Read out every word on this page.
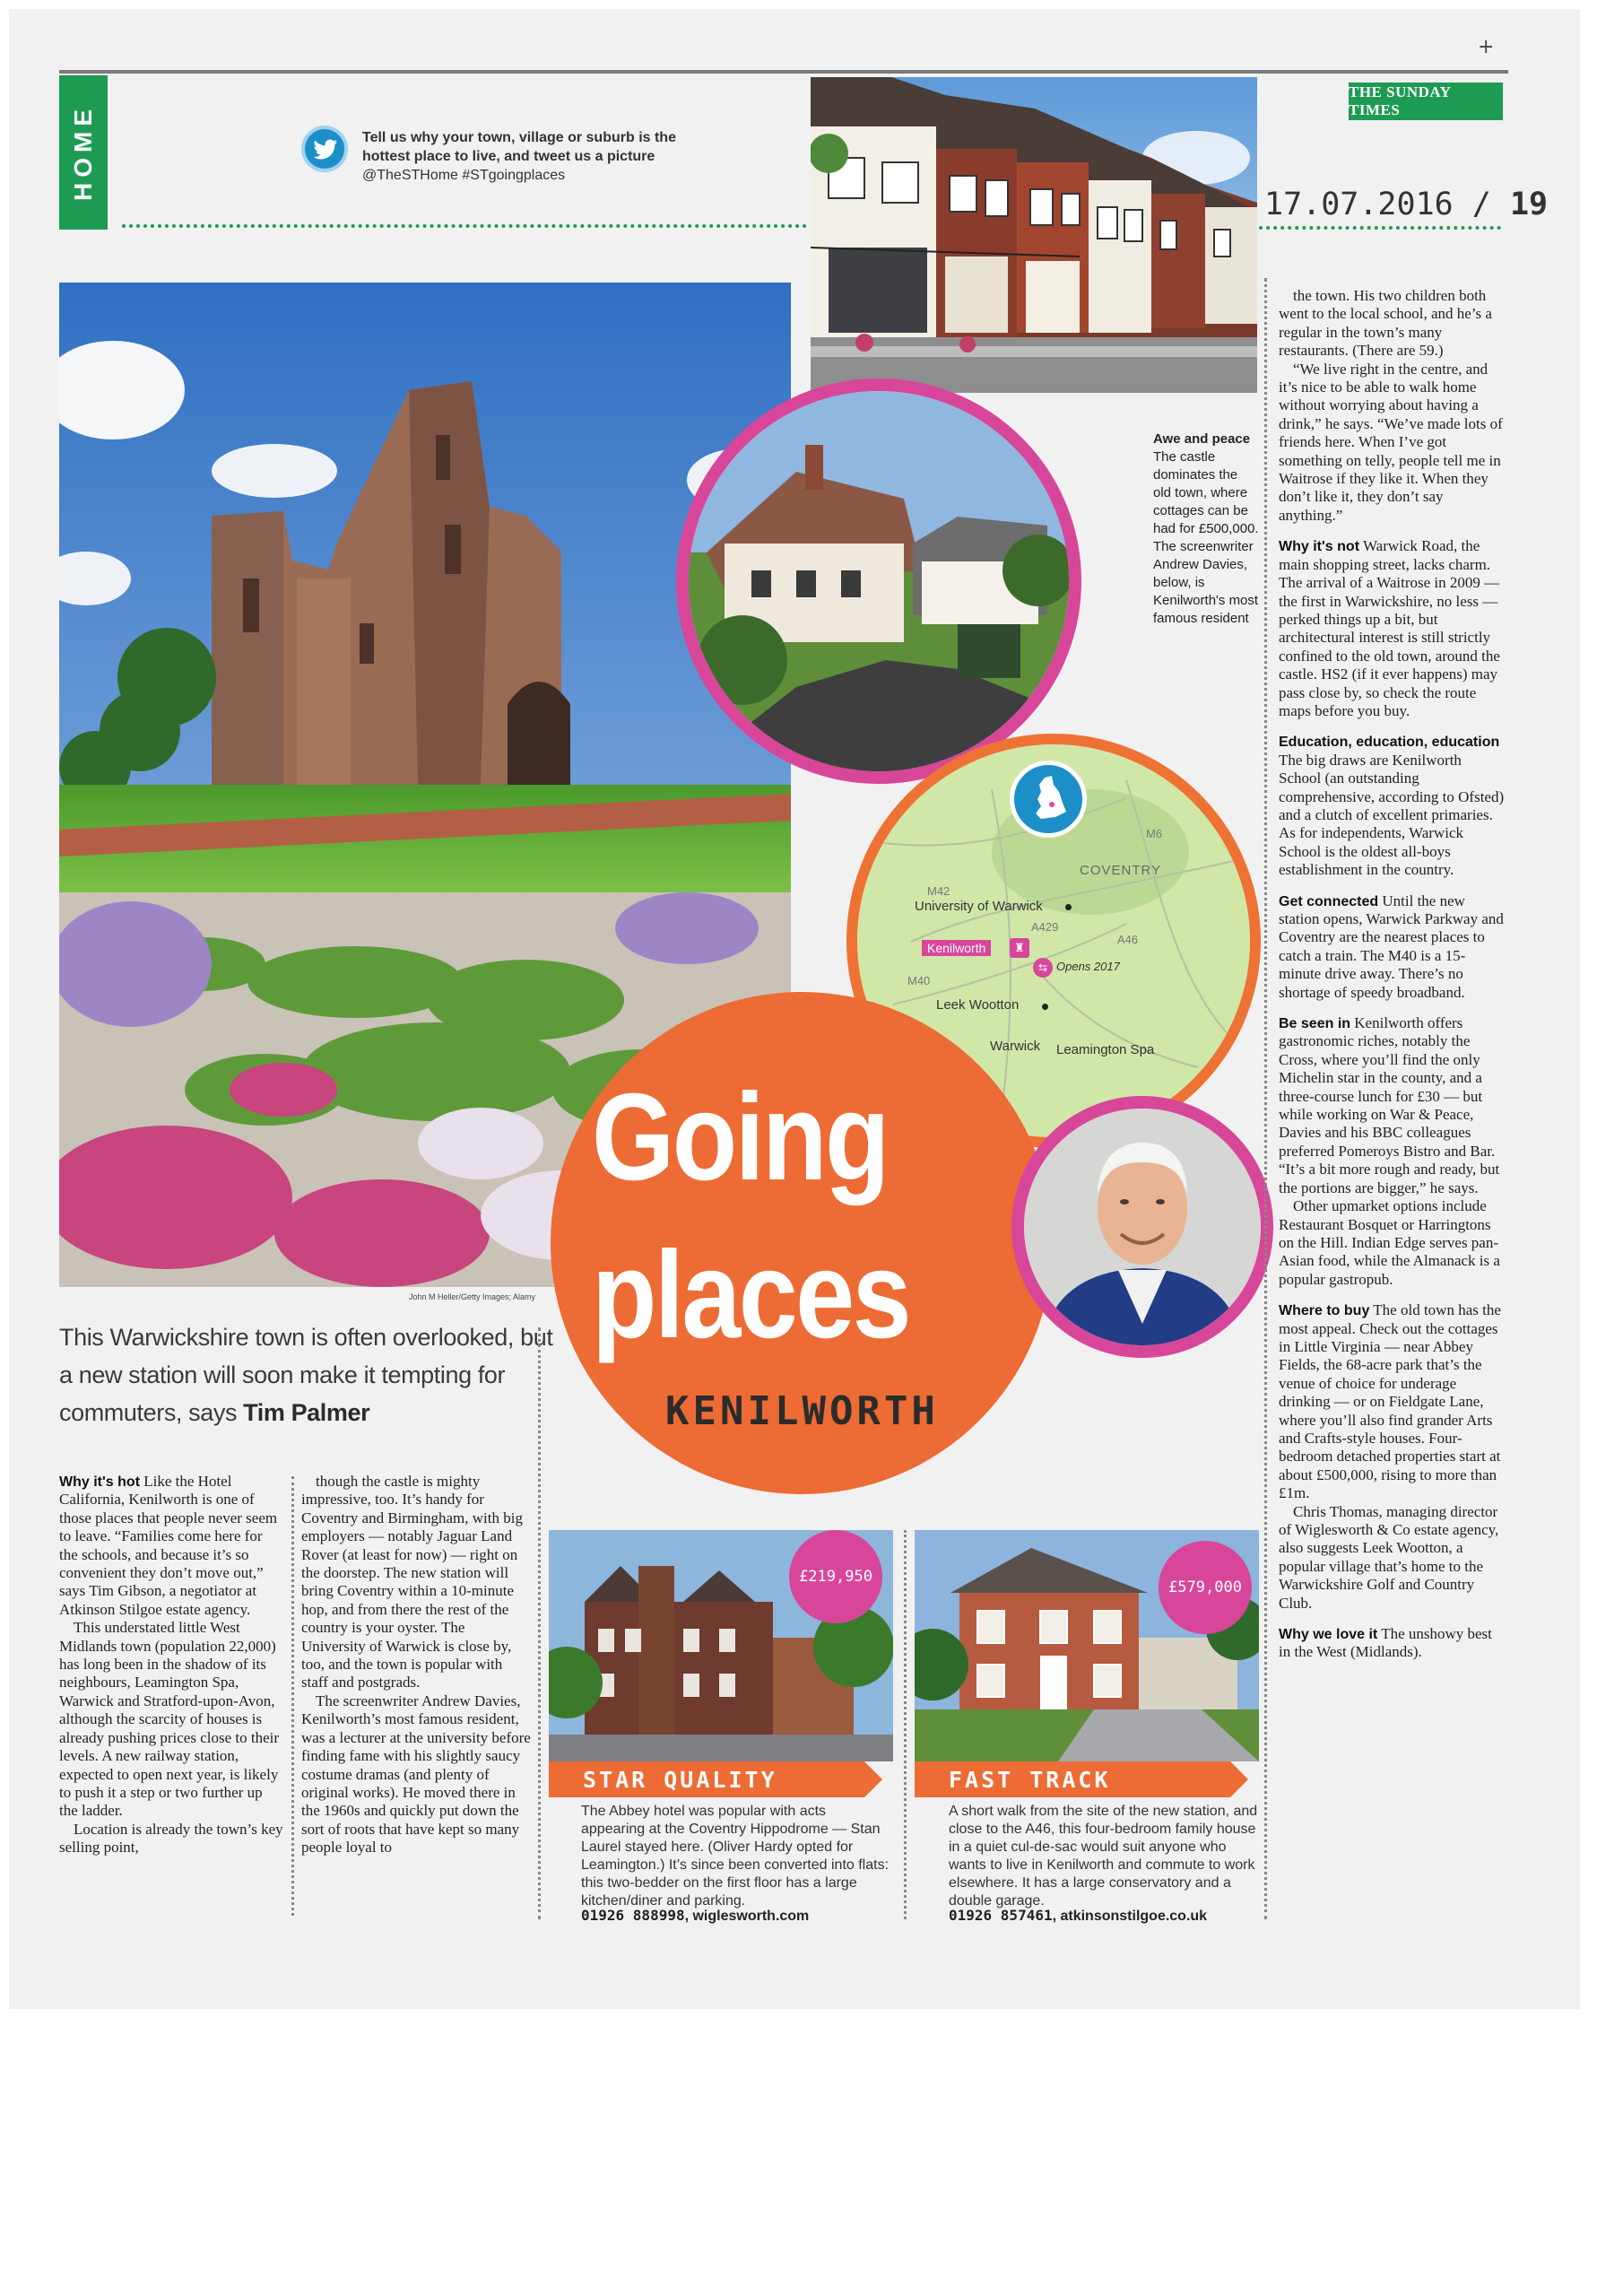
+
HOME	Tell us why your town, village or suburb is the
hottest place to live, and tweet us a picture
@TheSTHome #STgoingplaces
THE SUNDAY TIMES
17.07.2016 / 19
John M Heller/Getty Images; Alamy
M6
M42
A429
A46
M40
COVENTRY
University of Warwick
Kenilworth	♜
⇆ Opens 2017
Leek Wootton
Warwick Leamington Spa
Going
places
KENILWORTH
Awe and peace
The castle dominates the old town, where cottages can be had for £500,000. The screenwriter Andrew Davies, below, is Kenilworth's most famous resident
This Warwickshire town is often overlooked, but a new station will soon make it tempting for commuters, says Tim Palmer

Why it's hot Like the Hotel California, Kenilworth is one of those places that people never seem to leave. “Families come here for the schools, and because it’s so convenient they don’t move out,” says Tim Gibson, a negotiator at Atkinson Stilgoe estate agency.

This understated little West Midlands town (population 22,000) has long been in the shadow of its neighbours, Leamington Spa, Warwick and Stratford-upon-Avon, although the scarcity of houses is already pushing prices close to their levels. A new railway station, expected to open next year, is likely to push it a step or two further up the ladder.

Location is already the town’s key selling point,

though the castle is mighty impressive, too. It’s handy for Coventry and Birmingham, with big employers — notably Jaguar Land Rover (at least for now) — right on the doorstep. The new station will bring Coventry within a 10-minute hop, and from there the rest of the country is your oyster. The University of Warwick is close by, too, and the town is popular with staff and postgrads.

The screenwriter Andrew Davies, Kenilworth’s most famous resident, was a lecturer at the university before finding fame with his slightly saucy costume dramas (and plenty of original works). He moved there in the 1960s and quickly put down the sort of roots that have kept so many people loyal to

the town. His two children both went to the local school, and he’s a regular in the town’s many restaurants. (There are 59.)

“We live right in the centre, and it’s nice to be able to walk home without worrying about having a drink,” he says. “We’ve made lots of friends here. When I’ve got something on telly, people tell me in Waitrose if they like it. When they don’t like it, they don’t say anything.”

Why it's not Warwick Road, the main shopping street, lacks charm. The arrival of a Waitrose in 2009 — the first in Warwickshire, no less — perked things up a bit, but architectural interest is still strictly confined to the old town, around the castle. HS2 (if it ever happens) may pass close by, so check the route maps before you buy.

Education, education, education The big draws are Kenilworth School (an outstanding comprehensive, according to Ofsted) and a clutch of excellent primaries. As for independents, Warwick School is the oldest all-boys establishment in the country.

Get connected Until the new station opens, Warwick Parkway and Coventry are the nearest places to catch a train. The M40 is a 15-minute drive away. There’s no shortage of speedy broadband.

Be seen in Kenilworth offers gastronomic riches, notably the Cross, where you’ll find the only Michelin star in the county, and a three-course lunch for £30 — but while working on War & Peace, Davies and his BBC colleagues preferred Pomeroys Bistro and Bar. “It’s a bit more rough and ready, but the portions are bigger,” he says.

Other upmarket options include Restaurant Bosquet or Harringtons on the Hill. Indian Edge serves pan-Asian food, while the Almanack is a popular gastropub.

Where to buy The old town has the most appeal. Check out the cottages in Little Virginia — near Abbey Fields, the 68-acre park that’s the venue of choice for underage drinking — or on Fieldgate Lane, where you’ll also find grander Arts and Crafts-style houses. Four-bedroom detached properties start at about £500,000, rising to more than £1m.

Chris Thomas, managing director of Wiglesworth & Co estate agency, also suggests Leek Wootton, a popular village that’s home to the Warwickshire Golf and Country Club.

Why we love it The unshowy best in the West (Midlands).

£219,950
STAR QUALITY
The Abbey hotel was popular with acts appearing at the Coventry Hippodrome — Stan Laurel stayed here. (Oliver Hardy opted for Leamington.) It’s since been converted into flats: this two-bedder on the first floor has a large kitchen/diner and parking.
01926 888998, wiglesworth.com
£579,000
FAST TRACK
A short walk from the site of the new station, and close to the A46, this four-bedroom family house in a quiet cul-de-sac would suit anyone who wants to live in Kenilworth and commute to work elsewhere. It has a large conservatory and a double garage.
01926 857461, atkinsonstilgoe.co.uk
